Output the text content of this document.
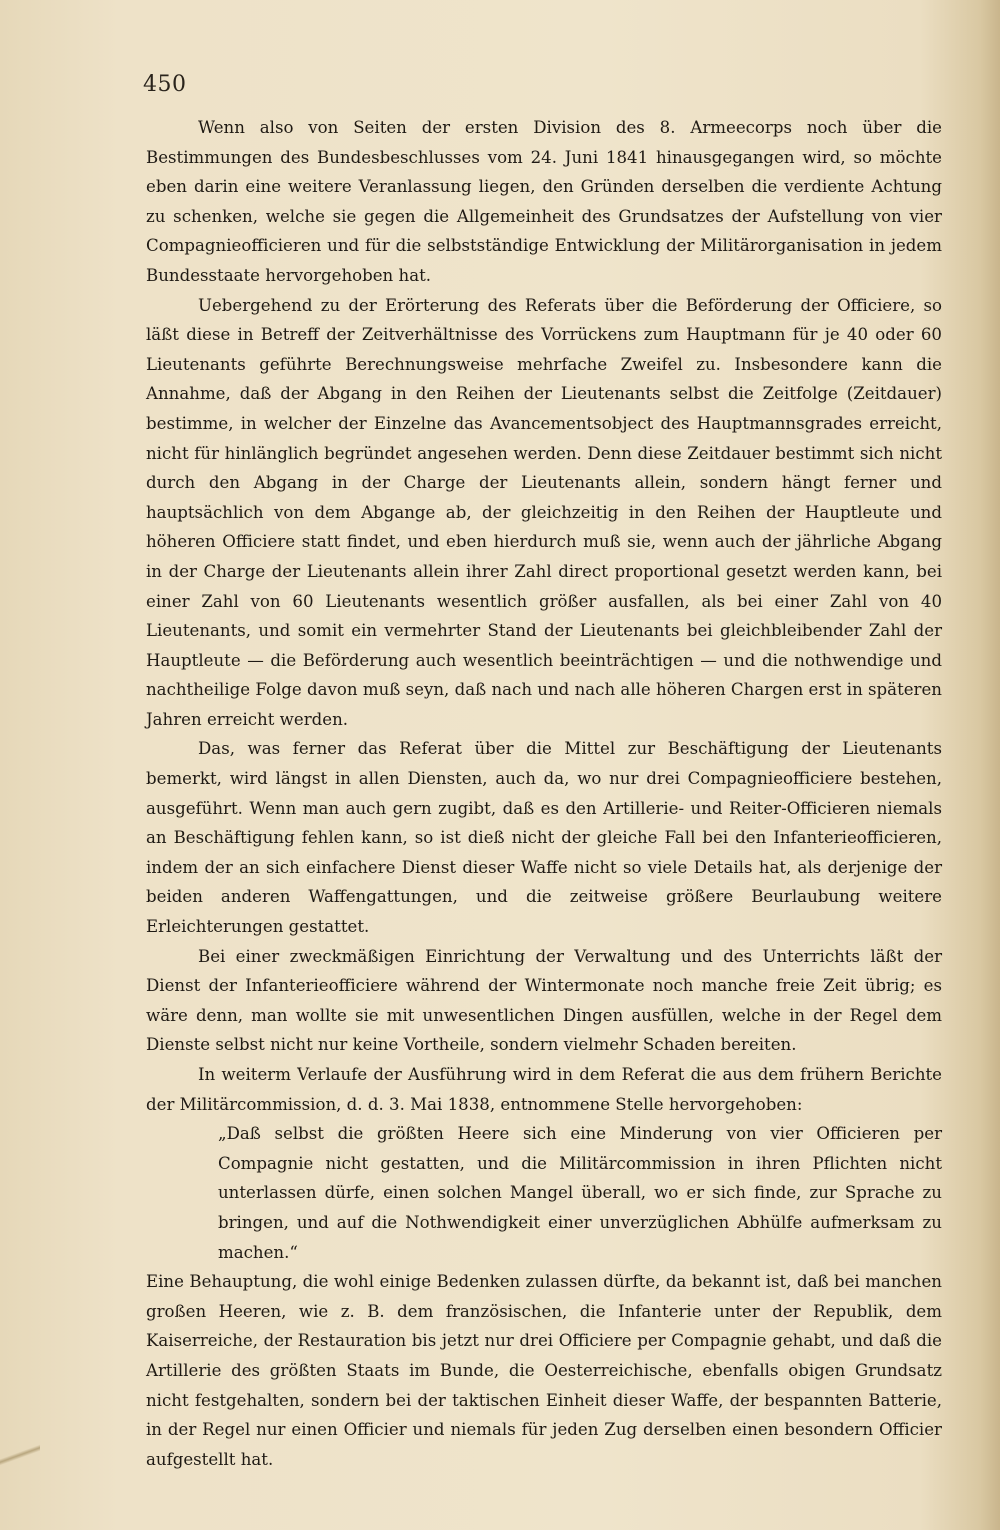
450

Wenn also von Seiten der ersten Division des 8. Armeecorps noch über die Bestimmungen des Bundesbeschlusses vom 24. Juni 1841 hinausgegangen wird, so möchte eben darin eine weitere Veranlassung liegen, den Gründen derselben die verdiente Achtung zu schenken, welche sie gegen die Allgemeinheit des Grundsatzes der Aufstellung von vier Compagnieofficieren und für die selbstständige Entwicklung der Militärorganisation in jedem Bundesstaate hervorgehoben hat.

Uebergehend zu der Erörterung des Referats über die Beförderung der Officiere, so läßt diese in Betreff der Zeitverhältnisse des Vorrückens zum Hauptmann für je 40 oder 60 Lieutenants geführte Berechnungsweise mehrfache Zweifel zu. Insbesondere kann die Annahme, daß der Abgang in den Reihen der Lieutenants selbst die Zeitfolge (Zeitdauer) bestimme, in welcher der Einzelne das Avancementsobject des Hauptmannsgrades erreicht, nicht für hinlänglich begründet angesehen werden. Denn diese Zeitdauer bestimmt sich nicht durch den Abgang in der Charge der Lieutenants allein, sondern hängt ferner und hauptsächlich von dem Abgange ab, der gleichzeitig in den Reihen der Hauptleute und höheren Officiere statt findet, und eben hierdurch muß sie, wenn auch der jährliche Abgang in der Charge der Lieutenants allein ihrer Zahl direct proportional gesetzt werden kann, bei einer Zahl von 60 Lieutenants wesentlich größer ausfallen, als bei einer Zahl von 40 Lieutenants, und somit ein vermehrter Stand der Lieutenants bei gleichbleibender Zahl der Hauptleute — die Beförderung auch wesentlich beeinträchtigen — und die nothwendige und nachtheilige Folge davon muß seyn, daß nach und nach alle höheren Chargen erst in späteren Jahren erreicht werden.

Das, was ferner das Referat über die Mittel zur Beschäftigung der Lieutenants bemerkt, wird längst in allen Diensten, auch da, wo nur drei Compagnieofficiere bestehen, ausgeführt. Wenn man auch gern zugibt, daß es den Artillerie- und Reiter-Officieren niemals an Beschäftigung fehlen kann, so ist dieß nicht der gleiche Fall bei den Infanterieofficieren, indem der an sich einfachere Dienst dieser Waffe nicht so viele Details hat, als derjenige der beiden anderen Waffengattungen, und die zeitweise größere Beurlaubung weitere Erleichterungen gestattet.

Bei einer zweckmäßigen Einrichtung der Verwaltung und des Unterrichts läßt der Dienst der Infanterieofficiere während der Wintermonate noch manche freie Zeit übrig; es wäre denn, man wollte sie mit unwesentlichen Dingen ausfüllen, welche in der Regel dem Dienste selbst nicht nur keine Vortheile, sondern vielmehr Schaden bereiten.

In weiterm Verlaufe der Ausführung wird in dem Referat die aus dem frühern Berichte der Militärcommission, d. d. 3. Mai 1838, entnommene Stelle hervorgehoben:

„Daß selbst die größten Heere sich eine Minderung von vier Officieren per Compagnie nicht gestatten, und die Militärcommission in ihren Pflichten nicht unterlassen dürfe, einen solchen Mangel überall, wo er sich finde, zur Sprache zu bringen, und auf die Nothwendigkeit einer unverzüglichen Abhülfe aufmerksam zu machen.“

Eine Behauptung, die wohl einige Bedenken zulassen dürfte, da bekannt ist, daß bei manchen großen Heeren, wie z. B. dem französischen, die Infanterie unter der Republik, dem Kaiserreiche, der Restauration bis jetzt nur drei Officiere per Compagnie gehabt, und daß die Artillerie des größten Staats im Bunde, die Oesterreichische, ebenfalls obigen Grundsatz nicht festgehalten, sondern bei der taktischen Einheit dieser Waffe, der bespannten Batterie, in der Regel nur einen Officier und niemals für jeden Zug derselben einen besondern Officier aufgestellt hat.
